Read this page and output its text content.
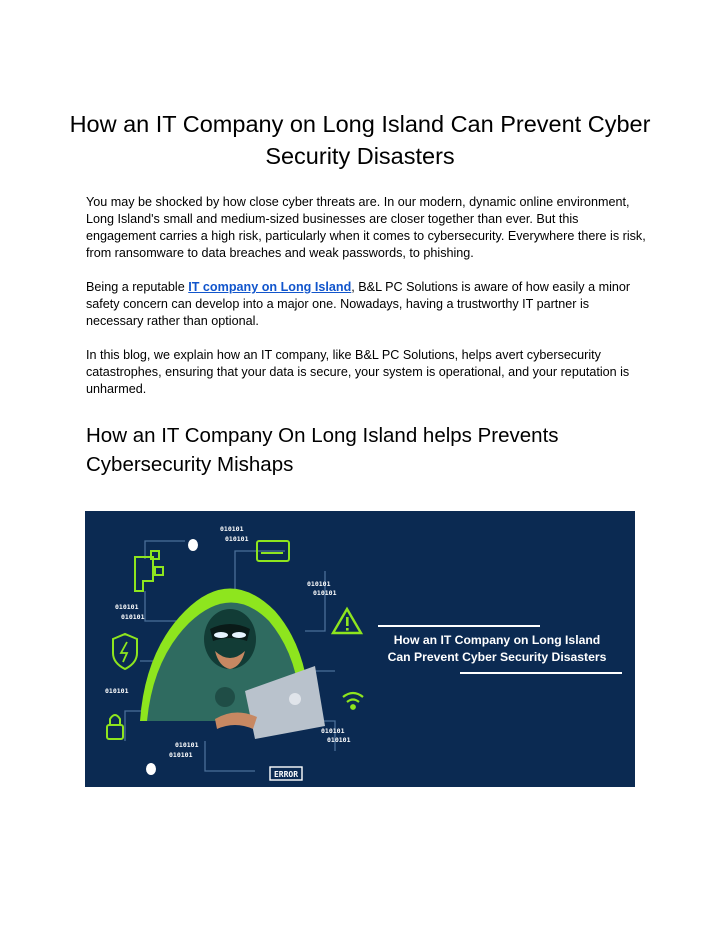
How an IT Company on Long Island Can Prevent Cyber Security Disasters

You may be shocked by how close cyber threats are. In our modern, dynamic online environment, Long Island's small and medium-sized businesses are closer together than ever. But this engagement carries a high risk, particularly when it comes to cybersecurity. Everywhere there is risk, from ransomware to data breaches and weak passwords, to phishing.

Being a reputable IT company on Long Island, B&L PC Solutions is aware of how easily a minor safety concern can develop into a major one. Nowadays, having a trustworthy IT partner is necessary rather than optional.

In this blog, we explain how an IT company, like B&L PC Solutions, helps avert cybersecurity catastrophes, ensuring that your data is secure, your system is operational, and your reputation is unharmed.

How an IT Company On Long Island helps Prevents Cybersecurity Mishaps
010101
010101
010101
010101
010101
010101
010101
010101
010101
010101
010101
ERROR
How an IT Company on Long Island
Can Prevent Cyber Security Disasters
